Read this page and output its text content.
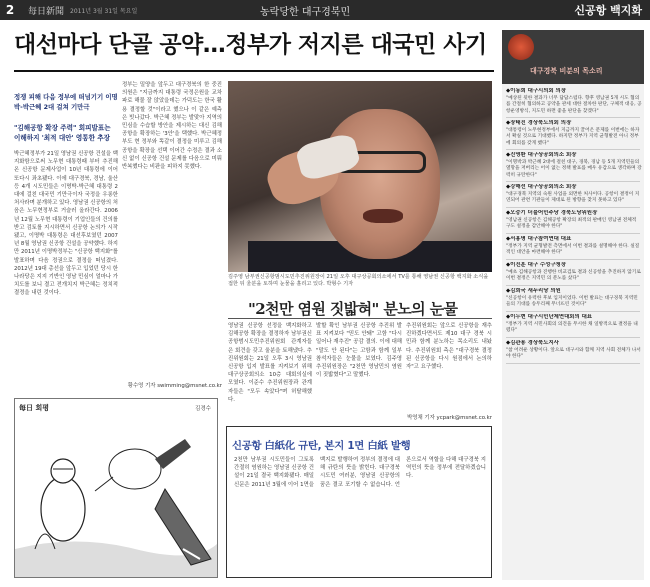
2	每日新聞 2011년 3월 31일 목요일	농락당한 대구경북민	신공항 백지화
대선마다 단골 공약…정부가 저지른 대국민 사기
정쟁 피해 다음 정부에 떠넘기기 이명박-박근혜 2대 걸쳐 기만극
"김해공항 확장 주력" 회피발표는 이해하지 '최적 대안' 영통한 추장
박근혜정부가 21일 영남권 신공항 건설을 백지화함으로써 노무현 대통령때 부터 추진해 온 신공항 문제사업이 10년 대통령에 이어 또다시 좌초됐다. 이에 대구경북, 경남, 울산 등 4개 시도민들은 이명박-박근혜 대통령 2대에 걸친 대국민 기만극이자 국정을 우롱한 처사라며 분개하고 있다. 영남권 신공항의 처음은 노무현정부로 거슬러 올라간다. 2006년 12월 노무현 대통령이 기업인들의 건의를 받고 검토를 지시하면서 신공항 논의가 시작됐고, 이명박 대통령은 대선후보였던 2007년 8월 영남권 신공항 건설을 공약했다. 하지만 2011년 이명박정부는 "신공항 백지화"를 발표하며 다음 정권으로 결정을 떠넘겼다. 2012년 19대 총선을 앞두고 입었던 당시 한나라당은 지지 기반인 영남 민심이 얼마나 가치도를 보니 결고 전개치지 박근혜는 정치적 결정을 내린 것이다.
정부는 밀양을 앞두고 대구경북의 한 중진 의원은 "지금까지 대통령 국정은원을 교차파로 해물 잘 앉았을데는 가덕도는 한국 활용 결정할 것"이라고 했으나 이 같은 예측은 빗나갔다. 박근혜 정부는 발맞아 지역의 민심을 수습할 방안을 제시하는 대신 김해공항을 확장하는 '3안'을 택했다. 박근혜정부도 현 정부와 똑같이 결정을 미루고 김해공항을 확장을 선택 이어간 수정은 결과 소신 없이 신공항 건설 문제를 다음으로 미뤄 반복했다는 비판을 피하지 못했다.
황수영 기자 swimming@msnet.co.kr
김주영 남부권신공항범시도민추진위원장이 21일 오후 대구상공회의소에서 TV를 통해 영남권 신공항 백지화 소식을 접한 뒤 울분을 토하며 눈물을 흘리고 있다. 박형수 기자
"2천만 염원 짓밟혀" 분노의 눈물
영남권 신공항 선정을 백지화하고 김해공항 확장을 결정하자 남부권신공항범시도민추진위원회 관계자들은 회견을 갖고 울분을 토해냈다. 추진위원회는 21일 오후 3시 영남권 신공항 입지 발표를 지켜보기 위해 대구상공회의소 10층 대회의실에 모였다. 이준수 추진위원장과 관계자들은 "모두 속았다"며 허탈해했다.
발할 확인 남부권 신공항 추진위 발표 지켜보다 "믿도 안돼" 고함 "다시 일어나 재추진" 공감 결의. 이에 대해 "말도 안 된다"는 고함과 함께 일부 참석자들은 눈물을 보였다. 김주영 추진위원장은 "2천만 영남민의 염원이 짓밟혔다"고 말했다.
추진위원회는 앞으로 신공항을 재추진하겠다면서도 제10 대구 경북 시민과 함께 분노하는 목소리도 내놨다. 추진위원회 측은 "대구경북 결정된 신공항을 다시 원점에서 논의하자"고 요구했다.
박영채 기자 ycpark@msnet.co.kr
每日 회평	김경수
신공항 白紙化 규탄, 본지 1면 白紙 발행
2천만 남부권 시도민들이 그토록 간절히 염원하는 영남권 신공항 건설이 21일 결국 백지화됐다. 매일신문은 2011년 3월에 이어 1면을 백지로 발행하여 정부의 결정에 대해 규탄의 뜻을 밝힌다. 대구경북 시도민 여러분, 영남권 신공항의 꿈은 결코 포기할 수 없습니다. 언론으로서 역할을 다해 대구경북 지역민의 뜻을 정부에 전달하겠습니다.
대구경북 비분의 목소리
◆이동희 대구시의회 의장
"예상된 뒷한 결과가 너무 답답스럽다. 향후 영남권 5개 시도 협의를 간절히 협의하고 공약을 관세 대한 절차한 판단, 구체적 대응, 공항운영방식, 지도민 하면 좋을 판단을 찾겠다"
◆장태진 경상북도의회 의장
"대통령이 노무현정부에서 지금까지 끌어온 문제를 이번에는 하자서 확실 것으로 기대했다. 하지만 정부가 지역 균형발전 아니 정부에 회의를 갖게 했다"
◆진영환 대구상공회의소 회장
"이명박과 박근혜 2대에 걸친 대구, 경북, 경남 등 5개 지역민들의 열망을 저버리는 어이 없는 정책 발표를 매우 유감으로 생각하며 강력히 규탄한다"
◆강해선 대구상공회의소 회장
"대구경북 지역의 숙원 사업을 외면한 처사이다. 공항이 결정이 지연되어 관련 기관들이 제대로 된 방향을 찾지 못하고 있다"
◆오중기 더불어민주당 경북도당위원장
"영남권 신공항은 김해공항 확장의 최적의 판매인 영남권 전체적 구도 설정을 감안해야 한다"
◆서홍명 대구참여연대 대표
"정부가 지역 균형발전 측면에서 이번 결과를 설명해야 한다. 실질적인 대안을 마련해야 한다"
◆이진훈 대구 수성구청장
"예초 김해공항과 진행한 비교검토 결과 신공항을 추진하지 않기로 이번 결정은 지역민 의 분노를 샀다"
◆김희국 새누리당 의원
"신공항이 유력한 후보 입지이었다. 이번 발표는 대구경북 지역민들의 기대를 송두리째 무너뜨린 것이다"
◆이두현 대구시민단체연대회의 대표
"정부가 지역 시민사회의 의견을 무시한 채 일방적으로 결정을 내렸다"
◆김관용 경상북도지사
"참 어려운 상황이다. 앞으로 대구시와 함께 지역 사회 전체가 나서야 한다"
